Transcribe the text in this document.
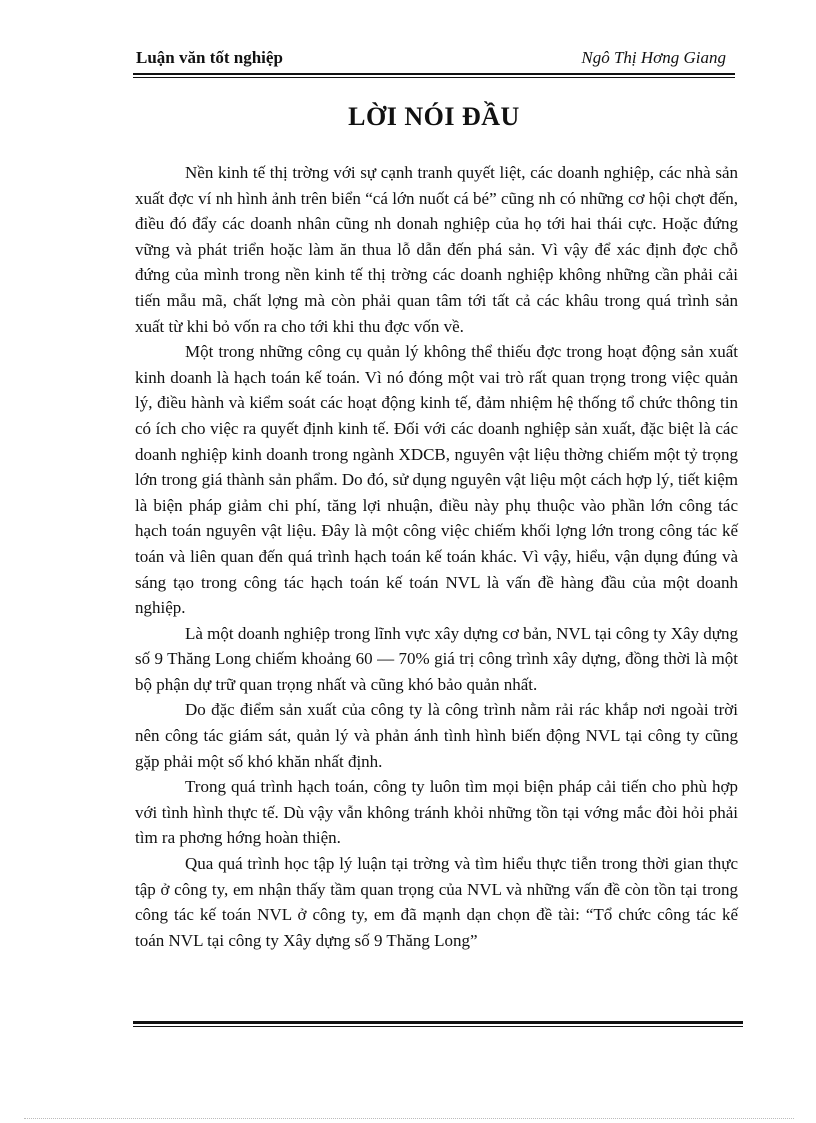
Luận văn tốt nghiệp	Ngô Thị Hơng Giang
LỜI NÓI ĐẦU

Nền kinh tế thị trờng với sự cạnh tranh quyết liệt, các doanh nghiệp, các nhà sản xuất đợc ví nh hình ảnh trên biển “cá lớn nuốt cá bé” cũng nh có những cơ hội chợt đến, điều đó đẩy các doanh nhân cũng nh donah nghiệp của họ tới hai thái cực. Hoặc đứng vững và phát triển hoặc làm ăn thua lỗ dẫn đến phá sản. Vì vậy để xác định đợc chỗ đứng của mình trong nền kinh tế thị trờng các doanh nghiệp không những cần phải cải tiến mẫu mã, chất lợng mà còn phải quan tâm tới tất cả các khâu trong quá trình sản xuất từ khi bỏ vốn ra cho tới khi thu đợc vốn về.

Một trong những công cụ quản lý không thể thiếu đợc trong hoạt động sản xuất kinh doanh là hạch toán kế toán. Vì nó đóng một vai trò rất quan trọng trong việc quản lý, điều hành và kiểm soát các hoạt động kinh tế, đảm nhiệm hệ thống tổ chức thông tin có ích cho việc ra quyết định kinh tế. Đối với các doanh nghiệp sản xuất, đặc biệt là các doanh nghiệp kinh doanh trong ngành XDCB, nguyên vật liệu thờng chiếm một tỷ trọng lớn trong giá thành sản phẩm. Do đó, sử dụng nguyên vật liệu một cách hợp lý, tiết kiệm là biện pháp giảm chi phí, tăng lợi nhuận, điều này phụ thuộc vào phần lớn công tác hạch toán nguyên vật liệu. Đây là một công việc chiếm khối lợng lớn trong công tác kế toán và liên quan đến quá trình hạch toán kế toán khác. Vì vậy, hiểu, vận dụng đúng và sáng tạo trong công tác hạch toán kế toán NVL là vấn đề hàng đầu của một doanh nghiệp.

Là một doanh nghiệp trong lĩnh vực xây dựng cơ bản, NVL tại công ty Xây dựng số 9 Thăng Long chiếm khoảng 60 — 70% giá trị công trình xây dựng, đồng thời là một bộ phận dự trữ quan trọng nhất và cũng khó bảo quản nhất.

Do đặc điểm sản xuất của công ty là công trình nằm rải rác khắp nơi ngoài trời nên công tác giám sát, quản lý và phản ánh tình hình biến động NVL tại công ty cũng gặp phải một số khó khăn nhất định.

Trong quá trình hạch toán, công ty luôn tìm mọi biện pháp cải tiến cho phù hợp với tình hình thực tế. Dù vậy vẫn không tránh khỏi những tồn tại vớng mắc đòi hỏi phải tìm ra phơng hớng hoàn thiện.

Qua quá trình học tập lý luận tại trờng và tìm hiểu thực tiễn trong thời gian thực tập ở công ty, em nhận thấy tầm quan trọng của NVL và những vấn đề còn tồn tại trong công tác kế toán NVL ở công ty, em đã mạnh dạn chọn đề tài: “Tổ chức công tác kế toán NVL tại công ty Xây dựng số 9 Thăng Long”
